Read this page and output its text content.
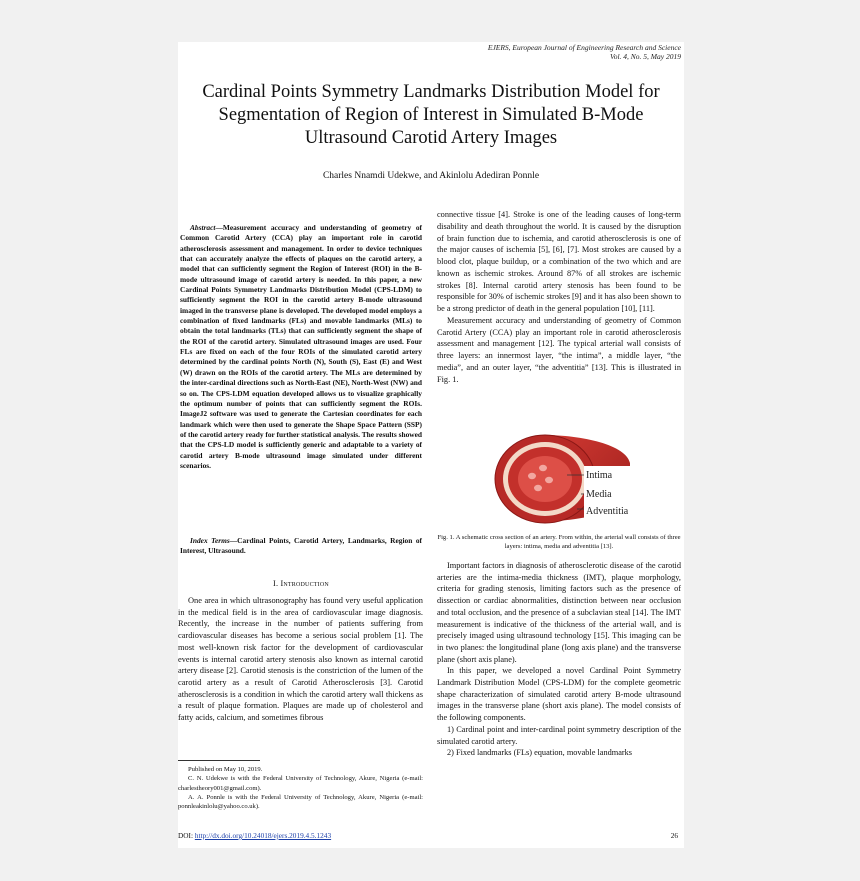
EJERS, European Journal of Engineering Research and Science
Vol. 4, No. 5, May 2019
Cardinal Points Symmetry Landmarks Distribution Model for Segmentation of Region of Interest in Simulated B-Mode Ultrasound Carotid Artery Images
Charles Nnamdi Udekwe, and Akinlolu Adediran Ponnle
Abstract—Measurement accuracy and understanding of geometry of Common Carotid Artery (CCA) play an important role in carotid atherosclerosis assessment and management. In order to device techniques that can accurately analyze the effects of plaques on the carotid artery, a model that can sufficiently segment the Region of Interest (ROI) in the B-mode ultrasound image of carotid artery is needed. In this paper, a new Cardinal Points Symmetry Landmarks Distribution Model (CPS-LDM) to sufficiently segment the ROI in the carotid artery B-mode ultrasound imaged in the transverse plane is developed. The developed model employs a combination of fixed landmarks (FLs) and movable landmarks (MLs) to obtain the total landmarks (TLs) that can sufficiently segment the shape of the ROI of the carotid artery. Simulated ultrasound images are used. Four FLs are fixed on each of the four ROIs of the simulated carotid artery determined by the cardinal points North (N), South (S), East (E) and West (W) drawn on the ROIs of the carotid artery. The MLs are determined by the inter-cardinal directions such as North-East (NE), North-West (NW) and so on. The CPS-LDM equation developed allows us to visualize graphically the optimum number of points that can sufficiently segment the ROIs. ImageJ2 software was used to generate the Cartesian coordinates for each landmark which were then used to generate the Shape Space Pattern (SSP) of the carotid artery ready for further statistical analysis. The results showed that the CPS-LD model is sufficiently generic and adaptable to a variety of carotid artery B-mode ultrasound image simulated under different scenarios.
Index Terms—Cardinal Points, Carotid Artery, Landmarks, Region of Interest, Ultrasound.
I. Introduction
One area in which ultrasonography has found very useful application in the medical field is in the area of cardiovascular image diagnosis. Recently, the increase in the number of patients suffering from cardiovascular diseases has become a serious social problem [1]. The most well-known risk factor for the development of cardiovascular events is internal carotid artery stenosis also known as internal carotid artery disease [2]. Carotid stenosis is the constriction of the lumen of the carotid artery as a result of Carotid Atherosclerosis [3]. Carotid atherosclerosis is a condition in which the carotid artery wall thickens as a result of plaque formation. Plaques are made up of cholesterol and fatty acids, calcium, and sometimes fibrous

Published on May 10, 2019.

C. N. Udekwe is with the Federal University of Technology, Akure, Nigeria (e-mail: charlestheory001@gmail.com).

A. A. Ponnle is with the Federal University of Technology, Akure, Nigeria (e-mail: ponnleakinlolu@yahoo.co.uk).

DOI: http://dx.doi.org/10.24018/ejers.2019.4.5.1243	26

connective tissue [4]. Stroke is one of the leading causes of long-term disability and death throughout the world. It is caused by the disruption of brain function due to ischemia, and carotid atherosclerosis is one of the major causes of ischemia [5], [6], [7]. Most strokes are caused by a blood clot, plaque buildup, or a combination of the two which and are known as ischemic strokes. Around 87% of all strokes are ischemic strokes [8]. Internal carotid artery stenosis has been found to be responsible for 30% of ischemic strokes [9] and it has also been shown to be a strong predictor of death in the general population [10], [11].

Measurement accuracy and understanding of geometry of Common Carotid Artery (CCA) play an important role in carotid atherosclerosis assessment and management [12]. The typical arterial wall consists of three layers: an innermost layer, “the intima”, a middle layer, “the media”, and an outer layer, “the adventitia” [13]. This is illustrated in Fig. 1.

Intima
Media
Adventitia
Fig. 1. A schematic cross section of an artery. From within, the arterial wall consists of three layers: intima, media and adventitia [13].

Important factors in diagnosis of atherosclerotic disease of the carotid arteries are the intima-media thickness (IMT), plaque morphology, criteria for grading stenosis, limiting factors such as the presence of dissection or cardiac abnormalities, distinction between near occlusion and total occlusion, and the presence of a subclavian steal [14]. The IMT measurement is indicative of the thickness of the arterial wall, and is precisely imaged using ultrasound technology [15]. This imaging can be in two planes: the longitudinal plane (long axis plane) and the transverse plane (short axis plane).

In this paper, we developed a novel Cardinal Point Symmetry Landmark Distribution Model (CPS-LDM) for the complete geometric shape characterization of simulated carotid artery B-mode ultrasound images in the transverse plane (short axis plane). The model consists of the following components.

1) Cardinal point and inter-cardinal point symmetry description of the simulated carotid artery.

2) Fixed landmarks (FLs) equation, movable landmarks
